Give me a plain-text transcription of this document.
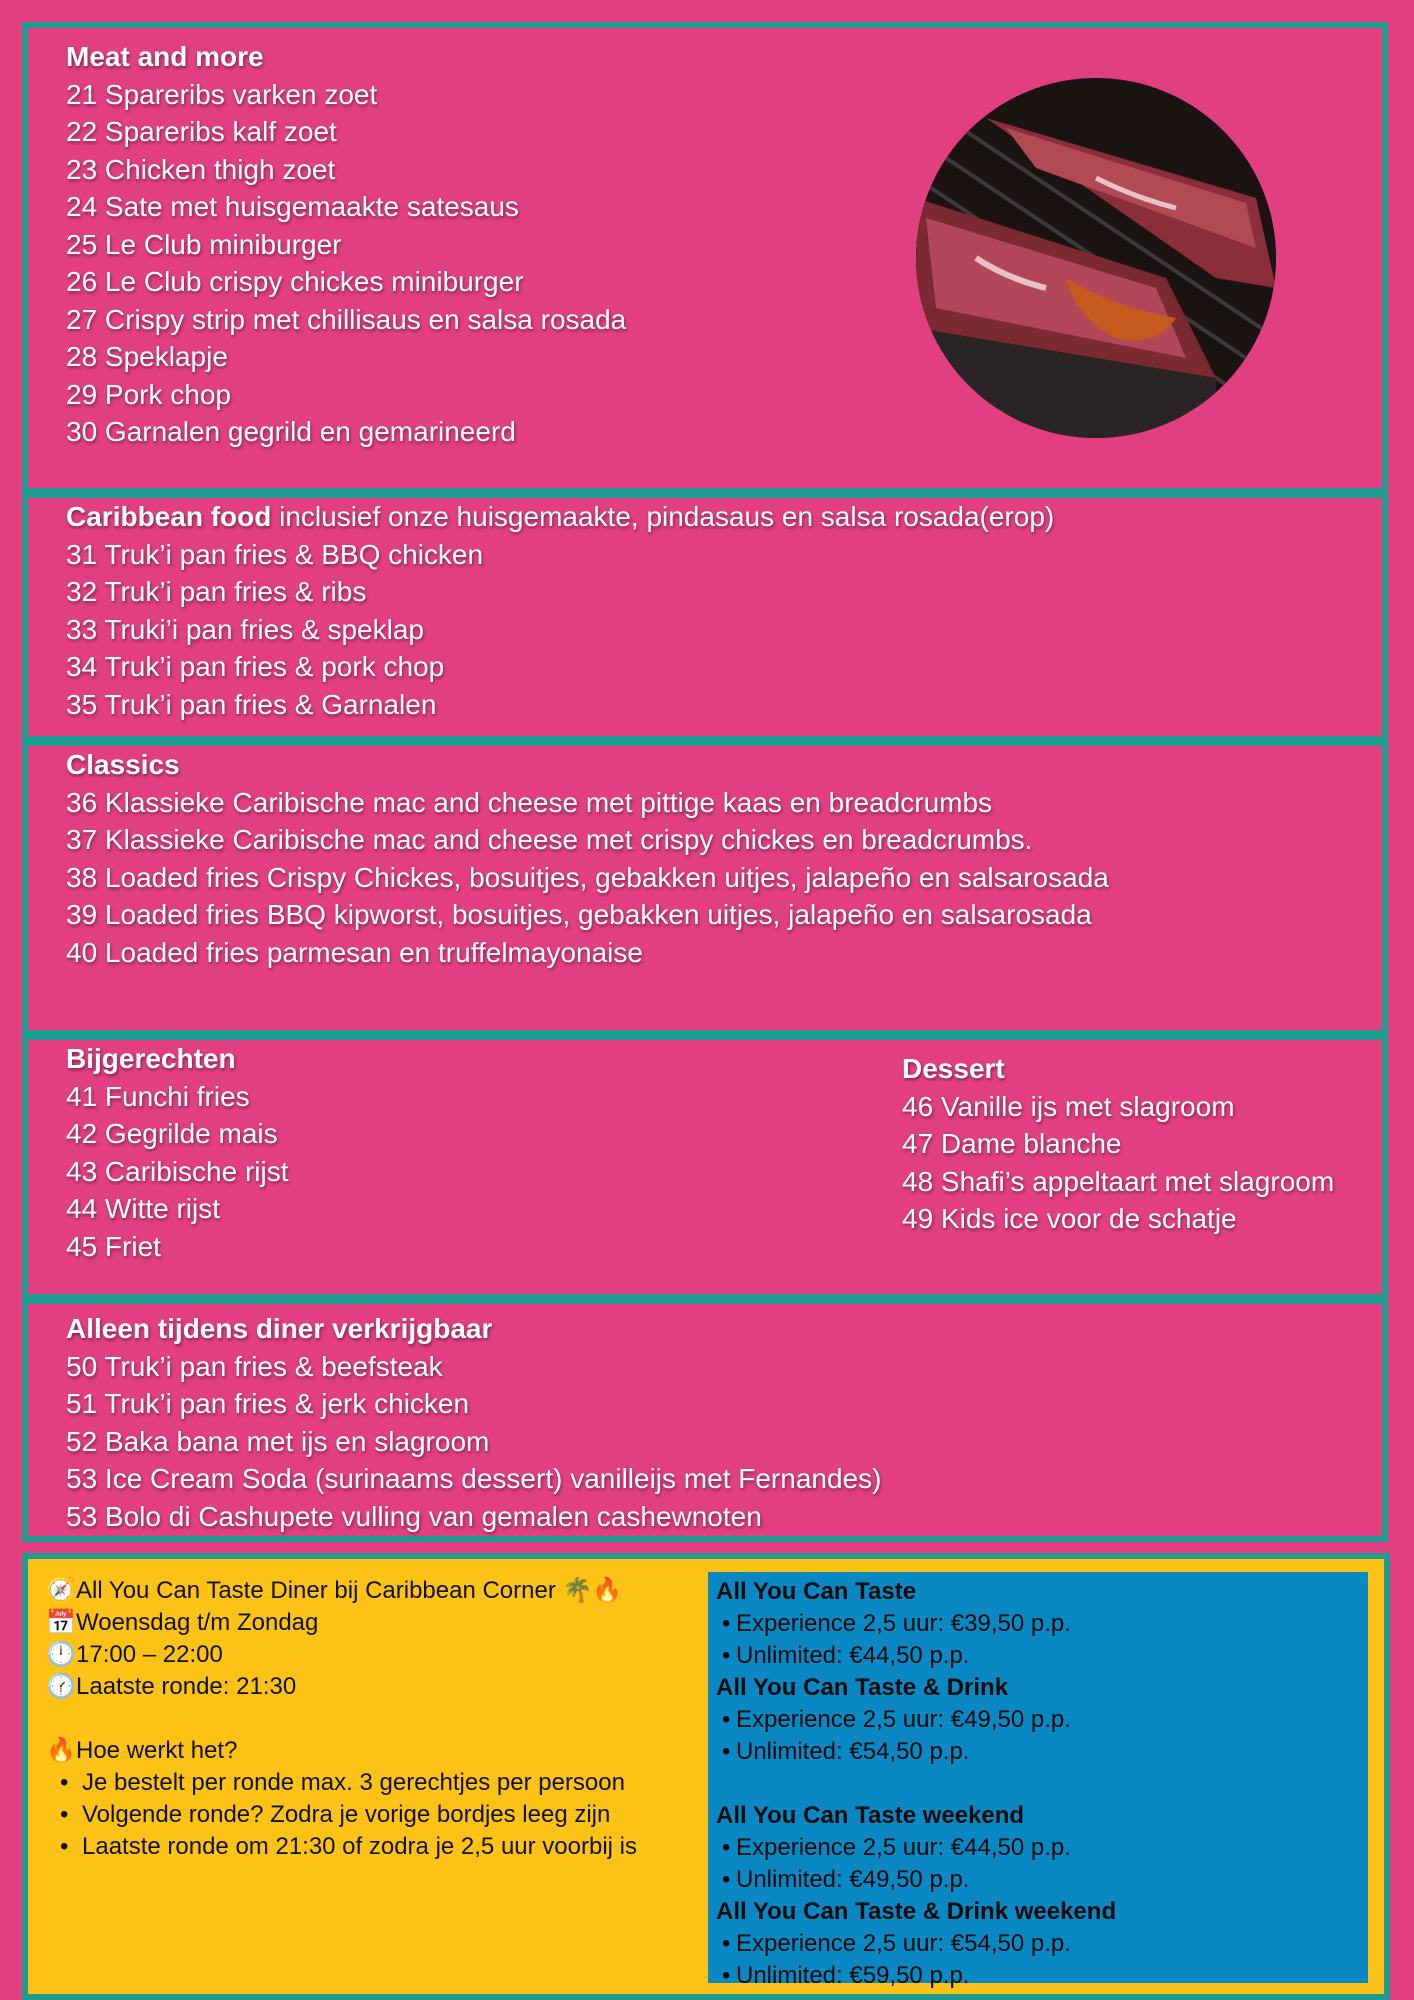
Meat and more
21 Spareribs varken zoet
22 Spareribs kalf zoet
23 Chicken thigh zoet
24 Sate met huisgemaakte satesaus
25 Le Club miniburger
26 Le Club crispy chickes miniburger
27 Crispy strip met chillisaus en salsa rosada
28 Speklapje
29 Pork chop
30 Garnalen gegrild en gemarineerd
Caribbean food inclusief onze huisgemaakte, pindasaus en salsa rosada(erop)
31 Truk’i pan fries & BBQ chicken
32 Truk’i pan fries & ribs
33 Truki’i pan fries & speklap
34 Truk’i pan fries & pork chop
35 Truk’i pan fries & Garnalen
Classics
36 Klassieke Caribische mac and cheese met pittige kaas en breadcrumbs
37 Klassieke Caribische mac and cheese met crispy chickes en breadcrumbs.
38 Loaded fries Crispy Chickes, bosuitjes, gebakken uitjes, jalapeño en salsarosada
39 Loaded fries BBQ kipworst, bosuitjes, gebakken uitjes, jalapeño en salsarosada
40 Loaded fries parmesan en truffelmayonaise
Bijgerechten
41 Funchi fries
42 Gegrilde mais
43 Caribische rijst
44 Witte rijst
45 Friet
Dessert
46 Vanille ijs met slagroom
47 Dame blanche
48 Shafi’s appeltaart met slagroom
49 Kids ice voor de schatje
Alleen tijdens diner verkrijgbaar
50 Truk’i pan fries & beefsteak
51 Truk’i pan fries & jerk chicken
52 Baka bana met ijs en slagroom
53 Ice Cream Soda (surinaams dessert) vanilleijs met Fernandes)
53 Bolo di Cashupete vulling van gemalen cashewnoten
🧭All You Can Taste Diner bij Caribbean Corner 🌴🔥
📅Woensdag t/m Zondag
🕛17:00 – 22:00
🕜Laatste ronde: 21:30
🔥Hoe werkt het?
• Je bestelt per ronde max. 3 gerechtjes per persoon
• Volgende ronde? Zodra je vorige bordjes leeg zijn
• Laatste ronde om 21:30 of zodra je 2,5 uur voorbij is
All You Can Taste
• Experience 2,5 uur: €39,50 p.p.
• Unlimited: €44,50 p.p.
All You Can Taste & Drink
• Experience 2,5 uur: €49,50 p.p.
• Unlimited: €54,50 p.p.
All You Can Taste weekend
• Experience 2,5 uur: €44,50 p.p.
• Unlimited: €49,50 p.p.
All You Can Taste & Drink weekend
• Experience 2,5 uur: €54,50 p.p.
• Unlimited: €59,50 p.p.
